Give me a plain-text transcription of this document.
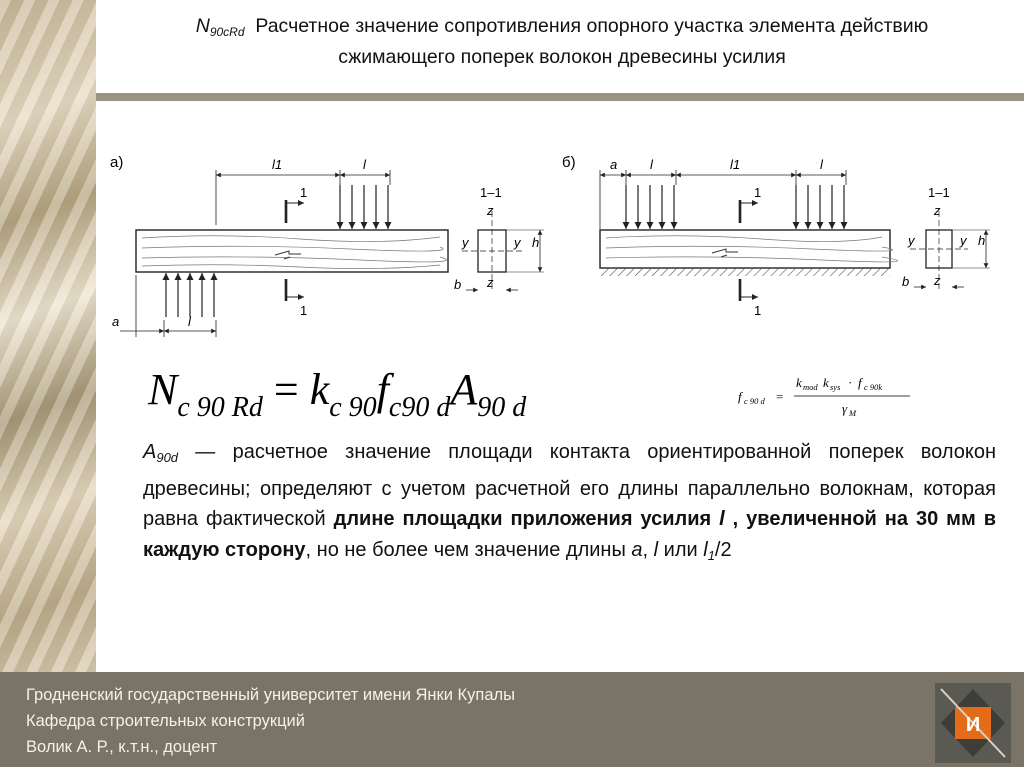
$N_{90cRd}$ Расчетное значение сопротивления опорного участка элемента действию
сжимающего поперек волокон древесины усилия
а)	l1	l
a	l
1
1
1–1
z
z
y	y h
b
б)	a	l	l1	l
1
1
1–1
z
z
y	y h
b
$N_{c 90 Rd} = k_{c 90}f_{c90 d}A_{90 d}$	f c 90 d =
k mod k sys · f c 90k
γ M
$A_{90d}$ — расчетное значение площади контакта ориентированной поперек волокон древесины; определяют с учетом расчетной его длины параллельно волокнам, которая равна фактической длине площадки приложения усилия l , увеличенной на 30 мм в каждую сторону, но не более чем значение длины a, l или $l_1/2$
Гродненский государственный университет имени Янки Купалы
Кафедра строительных конструкций
Волик А. Р., к.т.н., доцент
И
